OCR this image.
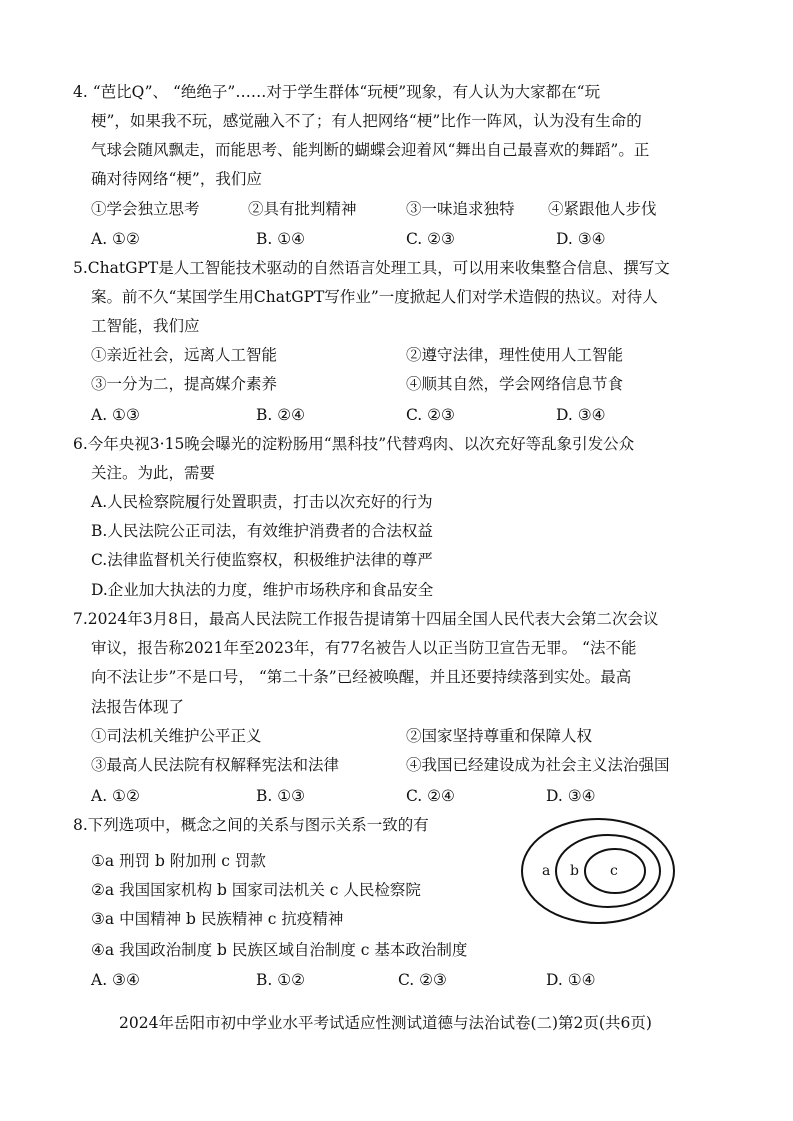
4. “芭比Q”、 “绝绝子”……对于学生群体“玩梗”现象，有人认为大家都在“玩
梗”，如果我不玩，感觉融入不了；有人把网络“梗”比作一阵风，认为没有生命的
气球会随风飘走，而能思考、能判断的蝴蝶会迎着风“舞出自己最喜欢的舞蹈”。正
确对待网络“梗”，我们应
①学会独立思考	②具有批判精神	③一味追求独特 ④紧跟他人步伐
A. ①②	B. ①④	C. ②③	D. ③④
5.ChatGPT是人工智能技术驱动的自然语言处理工具，可以用来收集整合信息、撰写文
案。前不久“某国学生用ChatGPT写作业”一度掀起人们对学术造假的热议。对待人
工智能，我们应
①亲近社会，远离人工智能	②遵守法律，理性使用人工智能
③一分为二，提高媒介素养	④顺其自然，学会网络信息节食
A. ①③	B. ②④	C. ②③	D. ③④
6.今年央视3·15晚会曝光的淀粉肠用“黑科技”代替鸡肉、以次充好等乱象引发公众
关注。为此，需要
A.人民检察院履行处置职责，打击以次充好的行为
B.人民法院公正司法，有效维护消费者的合法权益
C.法律监督机关行使监察权，积极维护法律的尊严
D.企业加大执法的力度，维护市场秩序和食品安全
7.2024年3月8日，最高人民法院工作报告提请第十四届全国人民代表大会第二次会议
审议，报告称2021年至2023年，有77名被告人以正当防卫宣告无罪。 “法不能
向不法让步”不是口号， “第二十条”已经被唤醒，并且还要持续落到实处。最高
法报告体现了
①司法机关维护公平正义	②国家坚持尊重和保障人权
③最高人民法院有权解释宪法和法律	④我国已经建设成为社会主义法治强国
A. ①②	B. ①③	C. ②④	D. ③④
8.下列选项中，概念之间的关系与图示关系一致的有
①a 刑罚 b 附加刑 c 罚款
②a 我国国家机构 b 国家司法机关 c 人民检察院
③a 中国精神 b 民族精神 c 抗疫精神
④a 我国政治制度 b 民族区域自治制度 c 基本政治制度
A. ③④	B. ①②	C. ②③	D. ①④
a b c
2024年岳阳市初中学业水平考试适应性测试道德与法治试卷(二)第2页(共6页)
